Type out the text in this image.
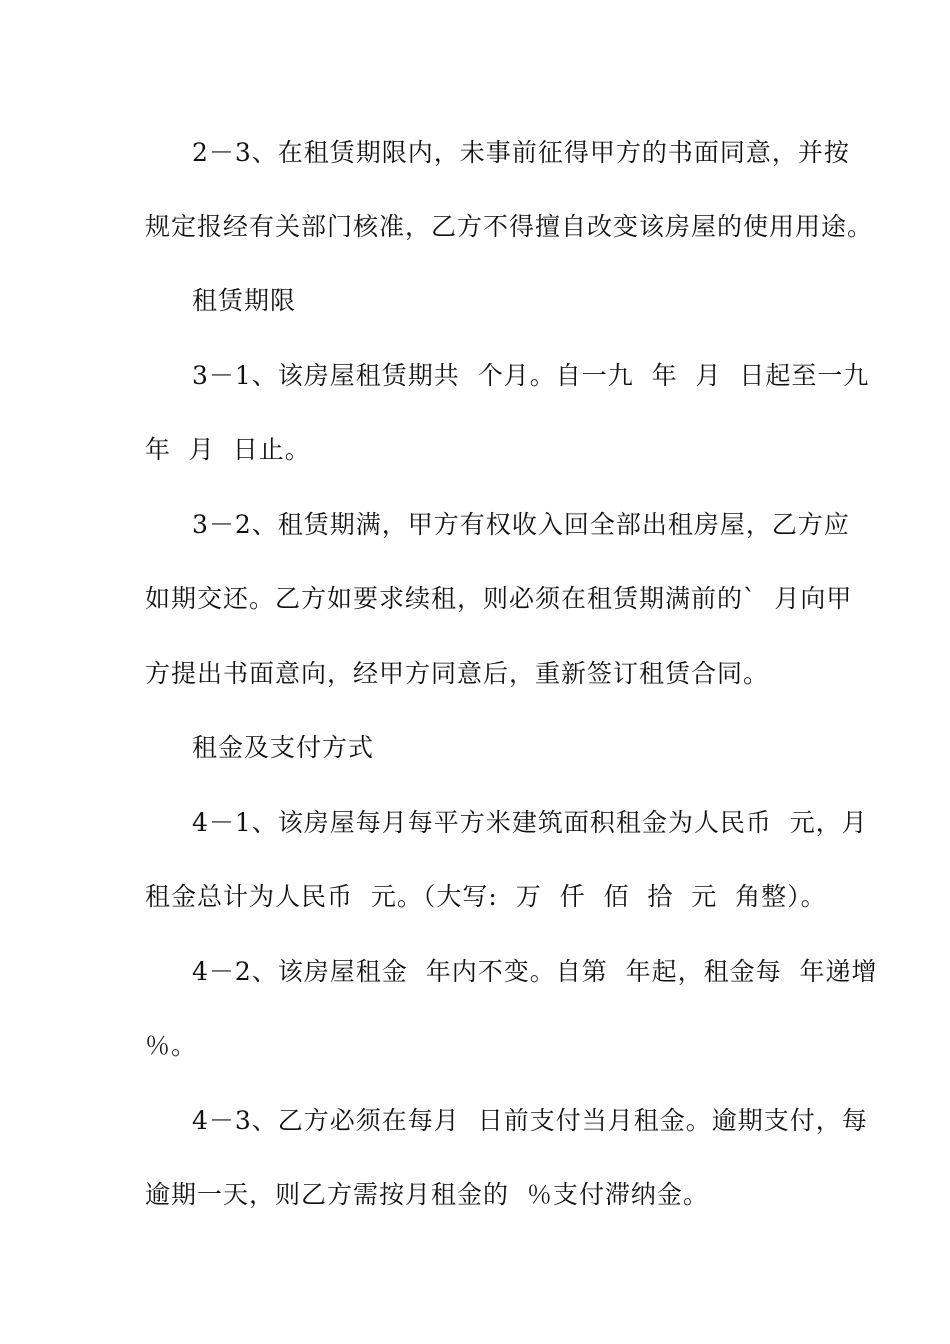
2－3、在租赁期限内，未事前征得甲方的书面同意，并按
规定报经有关部门核准，乙方不得擅自改变该房屋的使用用途。
租赁期限
3－1、该房屋租赁期共  个月。自一九  年  月  日起至一九
年  月  日止。
3－2、租赁期满，甲方有权收入回全部出租房屋，乙方应
如期交还。乙方如要求续租，则必须在租赁期满前的`  月向甲
方提出书面意向，经甲方同意后，重新签订租赁合同。
租金及支付方式
4－1、该房屋每月每平方米建筑面积租金为人民币  元，月
租金总计为人民币  元。（大写:  万  仟  佰  拾  元  角整）。
4－2、该房屋租金  年内不变。自第  年起，租金每  年递增
％。
4－3、乙方必须在每月  日前支付当月租金。逾期支付，每
逾期一天，则乙方需按月租金的  ％支付滞纳金。
